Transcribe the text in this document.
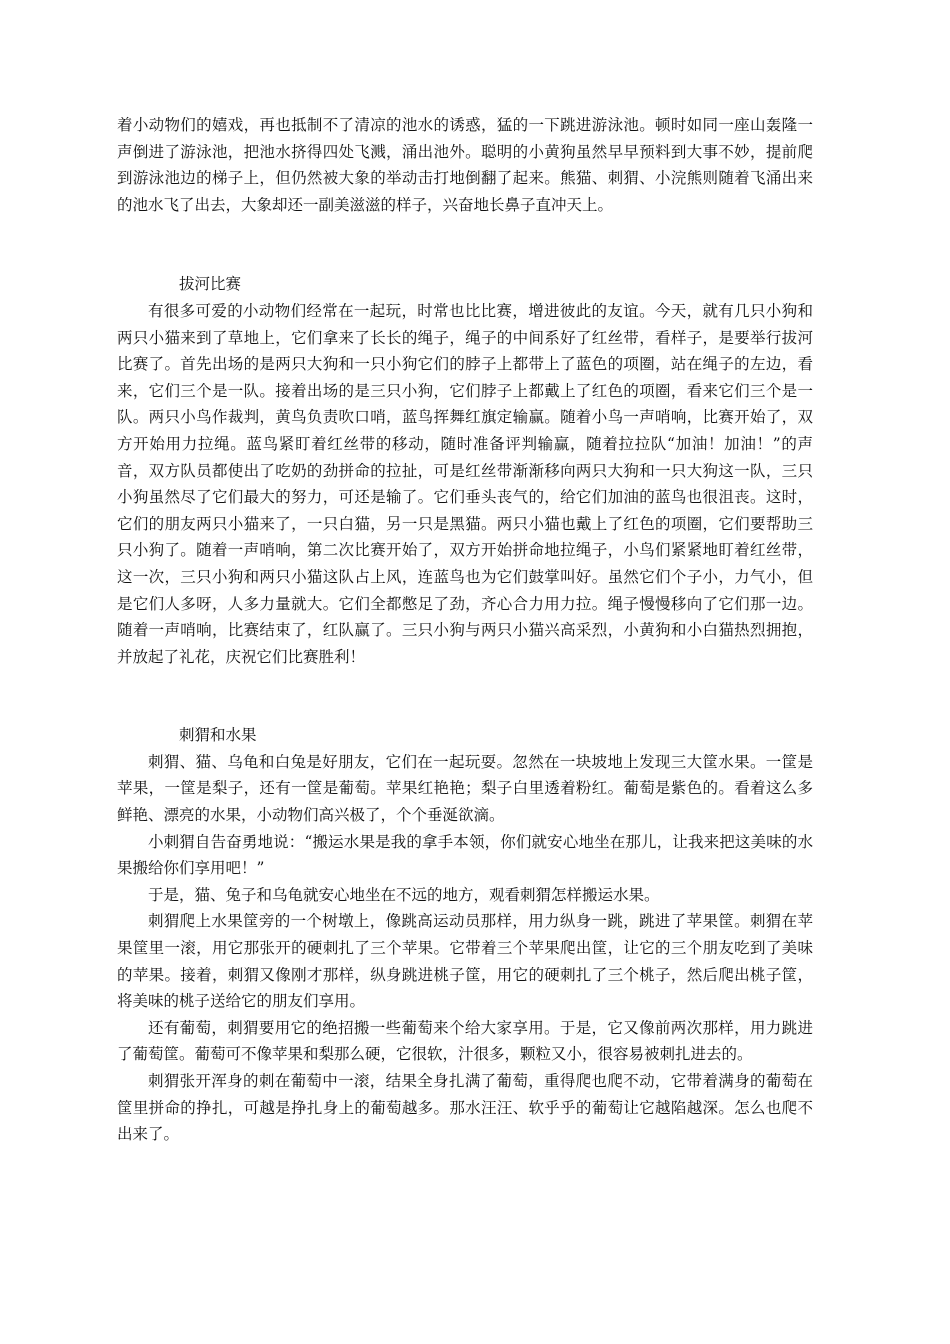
着小动物们的嬉戏，再也抵制不了清凉的池水的诱惑，猛的一下跳进游泳池。顿时如同一座山轰隆一声倒进了游泳池，把池水挤得四处飞溅，涌出池外。聪明的小黄狗虽然早早预料到大事不妙，提前爬到游泳池边的梯子上，但仍然被大象的举动击打地倒翻了起来。熊猫、刺猬、小浣熊则随着飞涌出来的池水飞了出去，大象却还一副美滋滋的样子，兴奋地长鼻子直冲天上。

拔河比赛

有很多可爱的小动物们经常在一起玩，时常也比比赛，增进彼此的友谊。今天，就有几只小狗和两只小猫来到了草地上，它们拿来了长长的绳子，绳子的中间系好了红丝带，看样子，是要举行拔河比赛了。首先出场的是两只大狗和一只小狗它们的脖子上都带上了蓝色的项圈，站在绳子的左边，看来，它们三个是一队。接着出场的是三只小狗，它们脖子上都戴上了红色的项圈，看来它们三个是一队。两只小鸟作裁判，黄鸟负责吹口哨，蓝鸟挥舞红旗定输赢。随着小鸟一声哨响，比赛开始了，双方开始用力拉绳。蓝鸟紧盯着红丝带的移动，随时准备评判输赢，随着拉拉队“加油！加油！”的声音，双方队员都使出了吃奶的劲拼命的拉扯，可是红丝带渐渐移向两只大狗和一只大狗这一队，三只小狗虽然尽了它们最大的努力，可还是输了。它们垂头丧气的，给它们加油的蓝鸟也很沮丧。这时，它们的朋友两只小猫来了，一只白猫，另一只是黑猫。两只小猫也戴上了红色的项圈，它们要帮助三只小狗了。随着一声哨响，第二次比赛开始了，双方开始拼命地拉绳子，小鸟们紧紧地盯着红丝带，这一次，三只小狗和两只小猫这队占上风，连蓝鸟也为它们鼓掌叫好。虽然它们个子小，力气小，但是它们人多呀，人多力量就大。它们全都憋足了劲，齐心合力用力拉。绳子慢慢移向了它们那一边。随着一声哨响，比赛结束了，红队赢了。三只小狗与两只小猫兴高采烈，小黄狗和小白猫热烈拥抱，并放起了礼花，庆祝它们比赛胜利！

刺猬和水果

刺猬、猫、乌龟和白兔是好朋友，它们在一起玩耍。忽然在一块坡地上发现三大筐水果。一筐是苹果，一筐是梨子，还有一筐是葡萄。苹果红艳艳；梨子白里透着粉红。葡萄是紫色的。看着这么多鲜艳、漂亮的水果，小动物们高兴极了，个个垂涎欲滴。

小刺猬自告奋勇地说：“搬运水果是我的拿手本领，你们就安心地坐在那儿，让我来把这美味的水果搬给你们享用吧！”

于是，猫、兔子和乌龟就安心地坐在不远的地方，观看刺猬怎样搬运水果。

刺猬爬上水果筐旁的一个树墩上，像跳高运动员那样，用力纵身一跳，跳进了苹果筐。刺猬在苹果筐里一滚，用它那张开的硬刺扎了三个苹果。它带着三个苹果爬出筐，让它的三个朋友吃到了美味的苹果。接着，刺猬又像刚才那样，纵身跳进桃子筐，用它的硬刺扎了三个桃子，然后爬出桃子筐，将美味的桃子送给它的朋友们享用。

还有葡萄，刺猬要用它的绝招搬一些葡萄来个给大家享用。于是，它又像前两次那样，用力跳进了葡萄筐。葡萄可不像苹果和梨那么硬，它很软，汁很多，颗粒又小，很容易被刺扎进去的。

刺猬张开浑身的刺在葡萄中一滚，结果全身扎满了葡萄，重得爬也爬不动，它带着满身的葡萄在筐里拼命的挣扎，可越是挣扎身上的葡萄越多。那水汪汪、软乎乎的葡萄让它越陷越深。怎么也爬不出来了。
